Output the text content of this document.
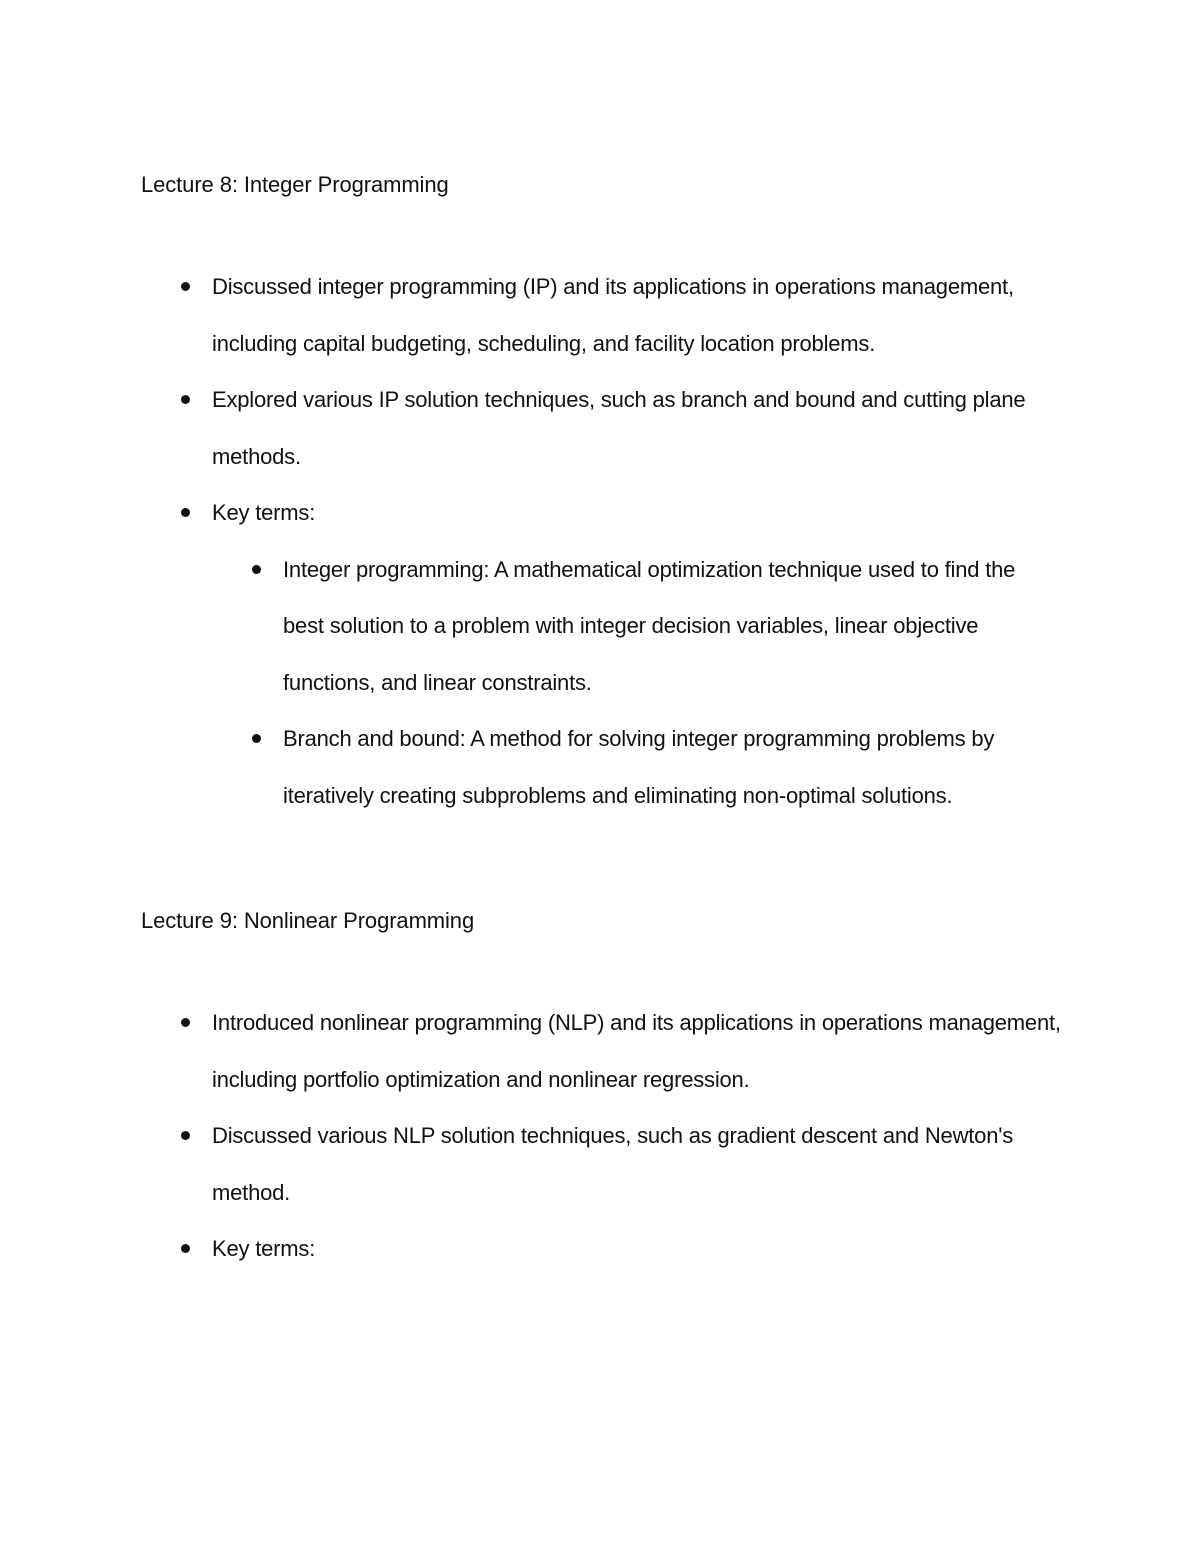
Lecture 8: Integer Programming
Discussed integer programming (IP) and its applications in operations management, including capital budgeting, scheduling, and facility location problems.
Explored various IP solution techniques, such as branch and bound and cutting plane methods.
Key terms:
Integer programming: A mathematical optimization technique used to find the best solution to a problem with integer decision variables, linear objective functions, and linear constraints.
Branch and bound: A method for solving integer programming problems by iteratively creating subproblems and eliminating non-optimal solutions.
Lecture 9: Nonlinear Programming
Introduced nonlinear programming (NLP) and its applications in operations management, including portfolio optimization and nonlinear regression.
Discussed various NLP solution techniques, such as gradient descent and Newton's method.
Key terms:
